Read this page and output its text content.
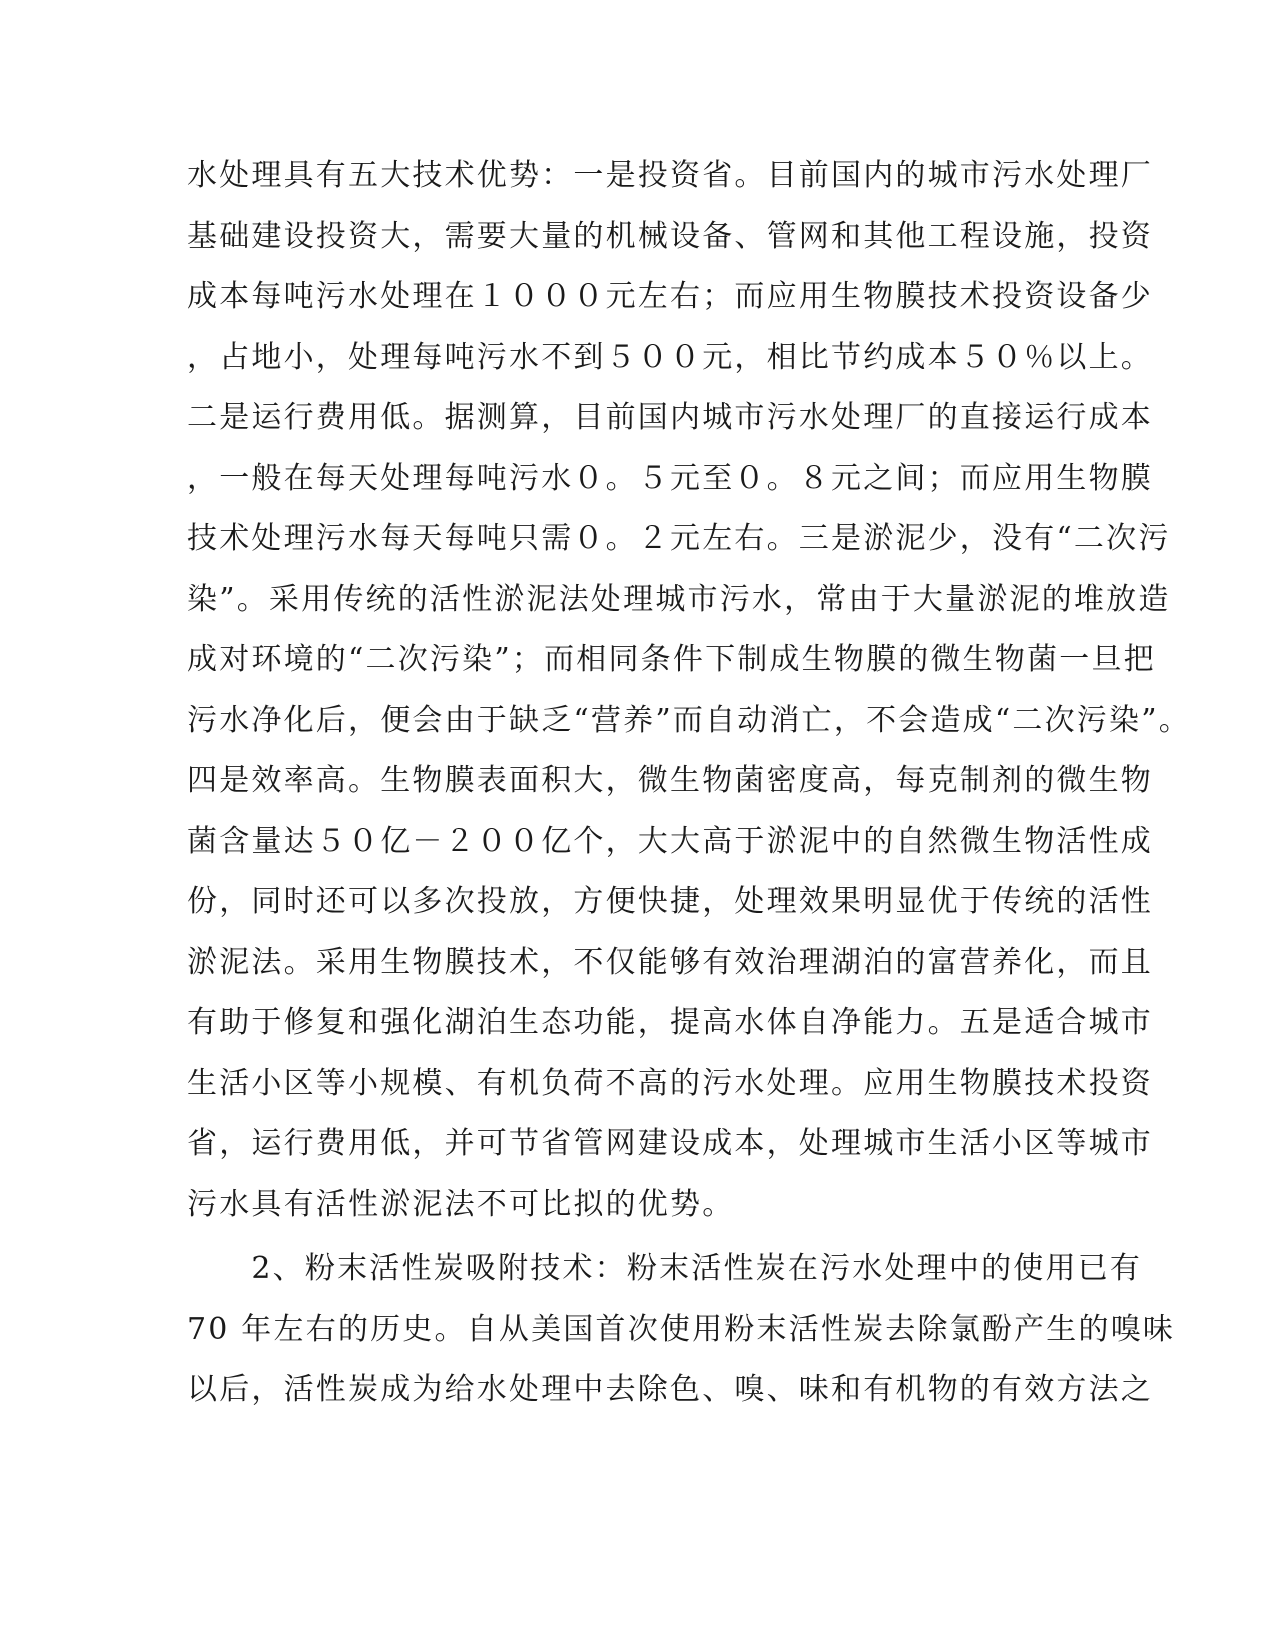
水处理具有五大技术优势：一是投资省。目前国内的城市污水处理厂
基础建设投资大，需要大量的机械设备、管网和其他工程设施，投资
成本每吨污水处理在１０００元左右；而应用生物膜技术投资设备少
，占地小，处理每吨污水不到５００元，相比节约成本５０％以上。
二是运行费用低。据测算，目前国内城市污水处理厂的直接运行成本
，一般在每天处理每吨污水０。５元至０。８元之间；而应用生物膜
技术处理污水每天每吨只需０。２元左右。三是淤泥少，没有“二次污
染”。采用传统的活性淤泥法处理城市污水，常由于大量淤泥的堆放造
成对环境的“二次污染”；而相同条件下制成生物膜的微生物菌一旦把
污水净化后，便会由于缺乏“营养”而自动消亡，不会造成“二次污染”。
四是效率高。生物膜表面积大，微生物菌密度高，每克制剂的微生物
菌含量达５０亿－２００亿个，大大高于淤泥中的自然微生物活性成
份，同时还可以多次投放，方便快捷，处理效果明显优于传统的活性
淤泥法。采用生物膜技术，不仅能够有效治理湖泊的富营养化，而且
有助于修复和强化湖泊生态功能，提高水体自净能力。五是适合城市
生活小区等小规模、有机负荷不高的污水处理。应用生物膜技术投资
省，运行费用低，并可节省管网建设成本，处理城市生活小区等城市
污水具有活性淤泥法不可比拟的优势。
　　2、粉末活性炭吸附技术：粉末活性炭在污水处理中的使用已有
70 年左右的历史。自从美国首次使用粉末活性炭去除氯酚产生的嗅味
以后，活性炭成为给水处理中去除色、嗅、味和有机物的有效方法之
